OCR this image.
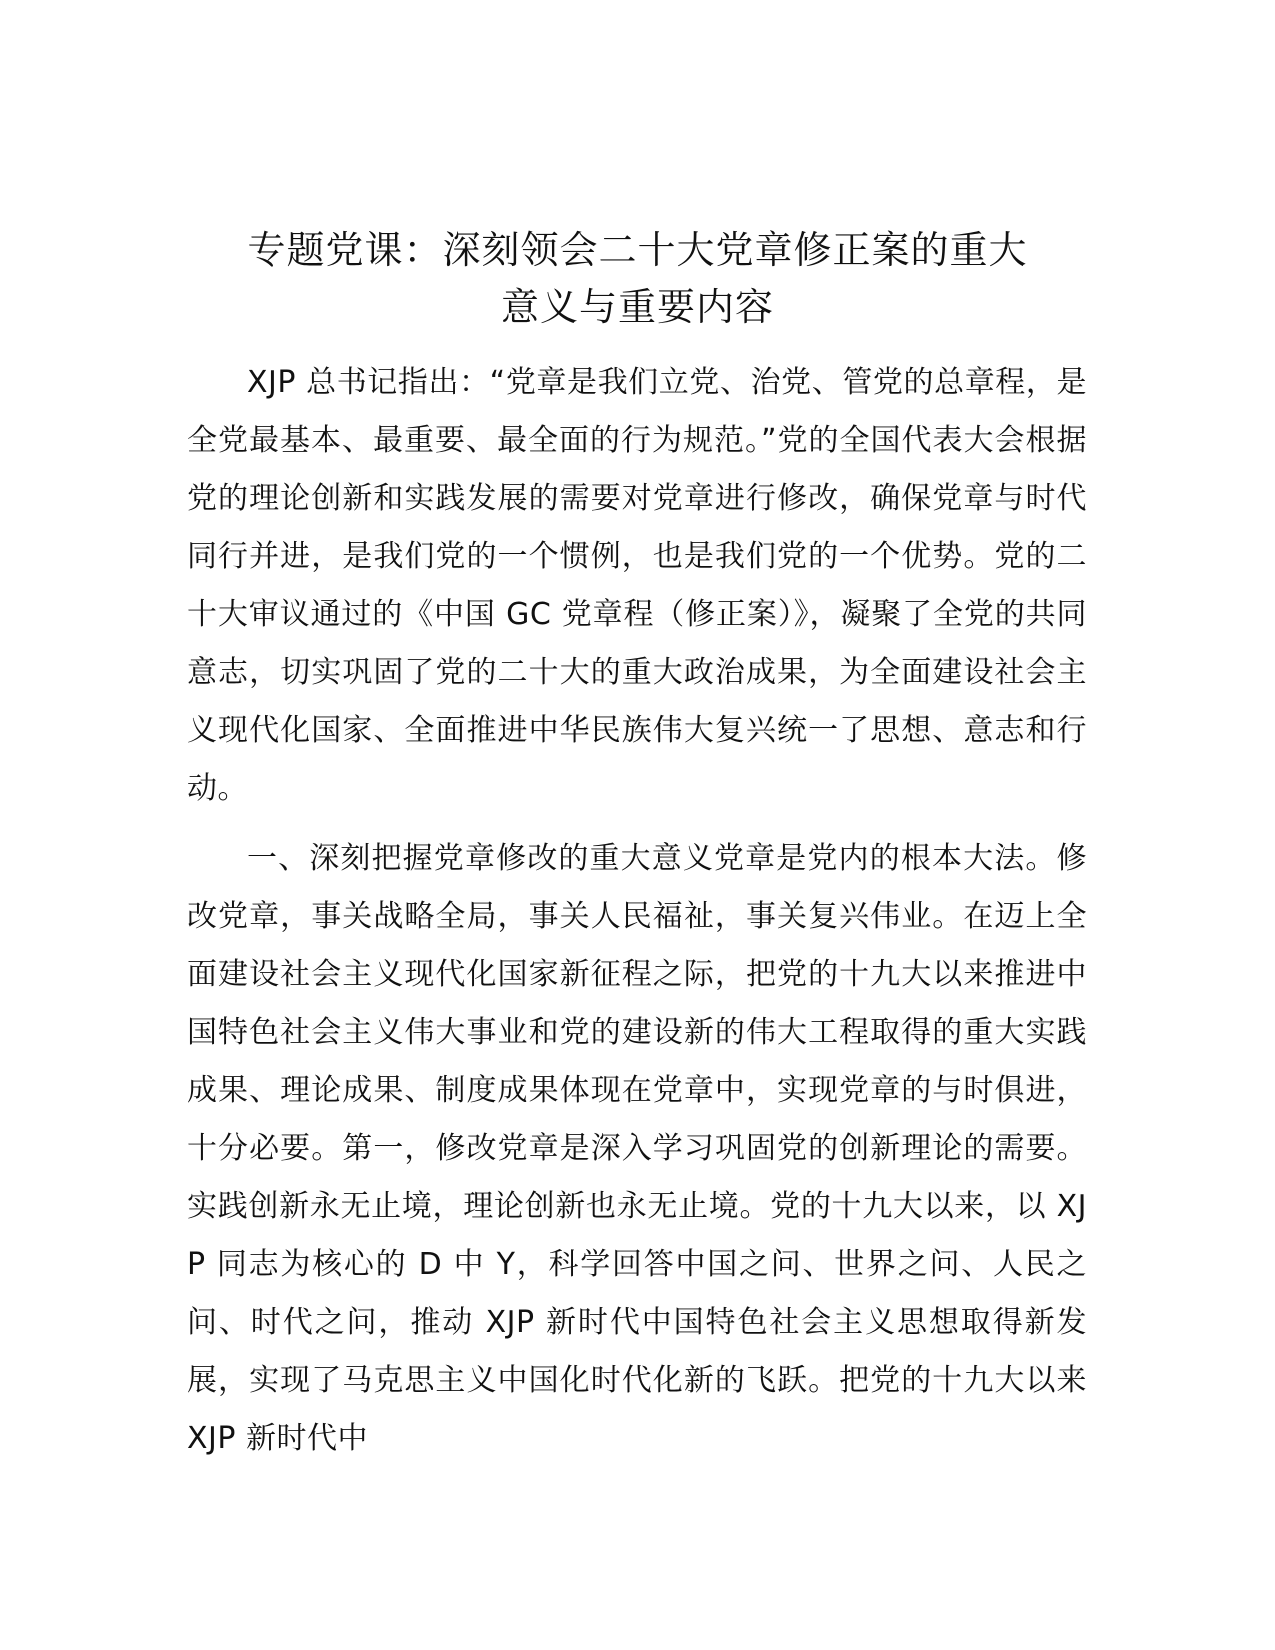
专题党课：深刻领会二十大党章修正案的重大
意义与重要内容

XJP 总书记指出：“党章是我们立党、治党、管党的总章程，是全党最基本、最重要、最全面的行为规范。”党的全国代表大会根据党的理论创新和实践发展的需要对党章进行修改，确保党章与时代同行并进，是我们党的一个惯例，也是我们党的一个优势。党的二十大审议通过的《中国 GC 党章程（修正案）》，凝聚了全党的共同意志，切实巩固了党的二十大的重大政治成果，为全面建设社会主义现代化国家、全面推进中华民族伟大复兴统一了思想、意志和行动。

一、深刻把握党章修改的重大意义党章是党内的根本大法。修改党章，事关战略全局，事关人民福祉，事关复兴伟业。在迈上全面建设社会主义现代化国家新征程之际，把党的十九大以来推进中国特色社会主义伟大事业和党的建设新的伟大工程取得的重大实践成果、理论成果、制度成果体现在党章中，实现党章的与时俱进，十分必要。第一，修改党章是深入学习巩固党的创新理论的需要。实践创新永无止境，理论创新也永无止境。党的十九大以来，以 XJP 同志为核心的 D 中 Y，科学回答中国之问、世界之问、人民之问、时代之问，推动 XJP 新时代中国特色社会主义思想取得新发展，实现了马克思主义中国化时代化新的飞跃。把党的十九大以来 XJP 新时代中
